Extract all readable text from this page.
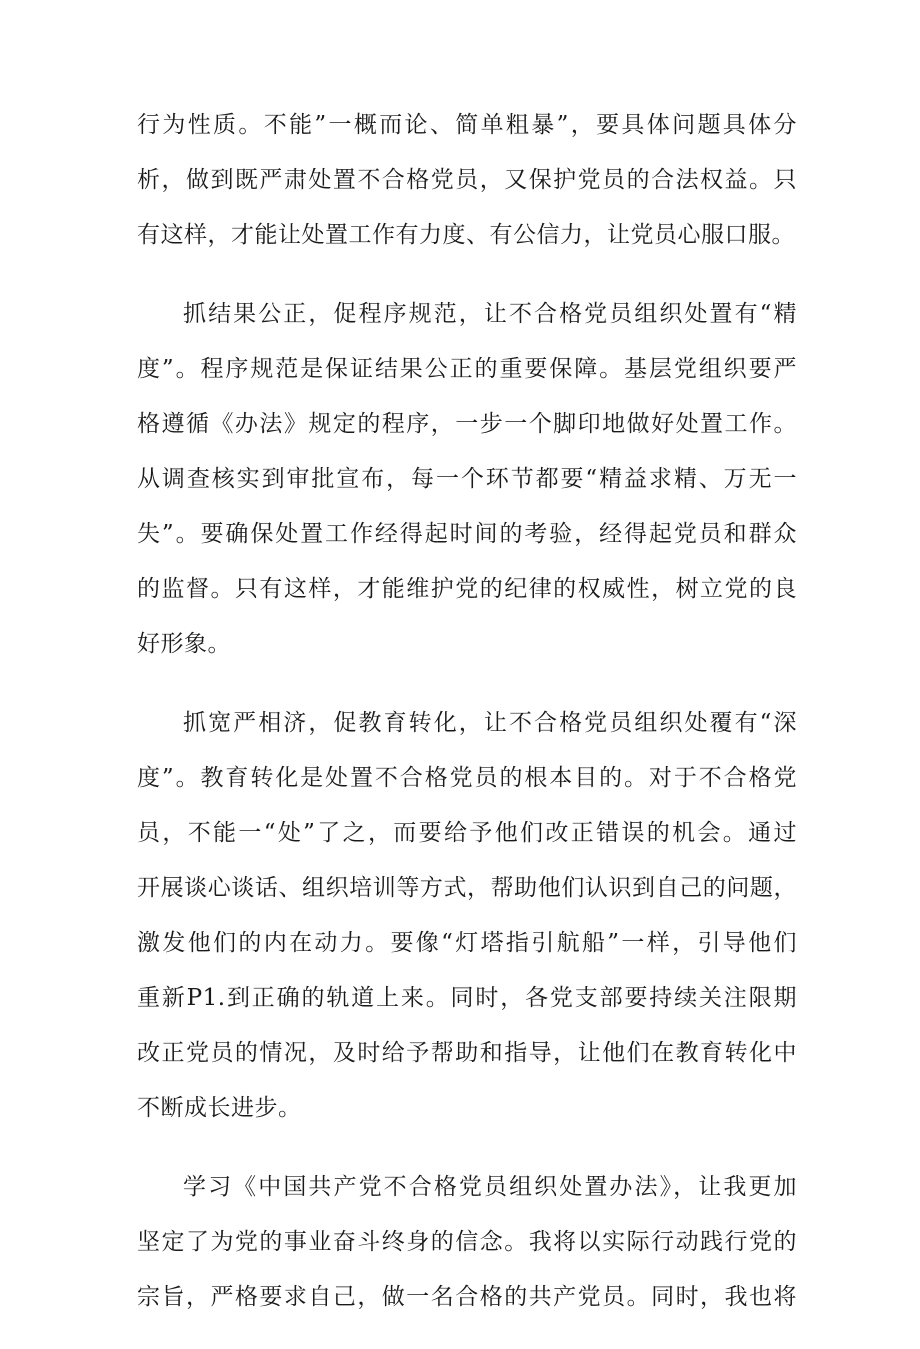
行为性质。不能”一概而论、简单粗暴”，要具体问题具体分
析，做到既严肃处置不合格党员，又保护党员的合法权益。只
有这样，才能让处置工作有力度、有公信力，让党员心服口服。
抓结果公正，促程序规范，让不合格党员组织处置有“精
度”。程序规范是保证结果公正的重要保障。基层党组织要严
格遵循《办法》规定的程序，一步一个脚印地做好处置工作。
从调查核实到审批宣布，每一个环节都要“精益求精、万无一
失”。要确保处置工作经得起时间的考验，经得起党员和群众
的监督。只有这样，才能维护党的纪律的权威性，树立党的良
好形象。
抓宽严相济，促教育转化，让不合格党员组织处覆有“深
度”。教育转化是处置不合格党员的根本目的。对于不合格党
员，不能一“处”了之，而要给予他们改正错误的机会。通过
开展谈心谈话、组织培训等方式，帮助他们认识到自己的问题，
激发他们的内在动力。要像“灯塔指引航船”一样，引导他们
重新P1.到正确的轨道上来。同时，各党支部要持续关注限期
改正党员的情况，及时给予帮助和指导，让他们在教育转化中
不断成长进步。
学习《中国共产党不合格党员组织处置办法》，让我更加
坚定了为党的事业奋斗终身的信念。我将以实际行动践行党的
宗旨，严格要求自己，做一名合格的共产党员。同时，我也将
